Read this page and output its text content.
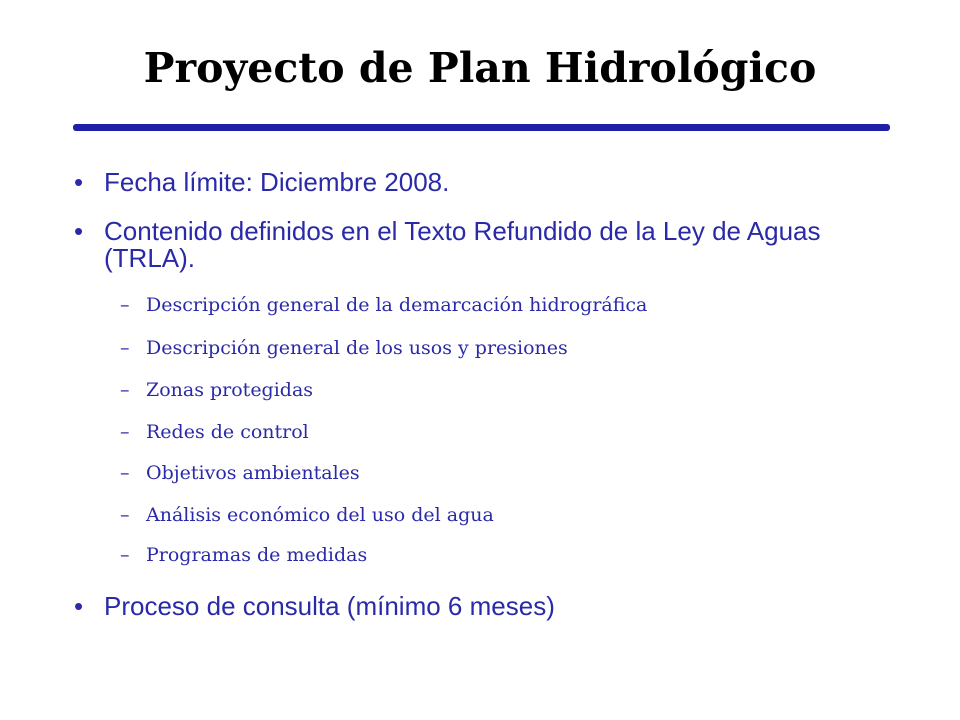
Proyecto de Plan Hidrológico
• Fecha límite: Diciembre 2008.
• Contenido definidos en el Texto Refundido de la Ley de Aguas (TRLA).
– Descripción general de la demarcación hidrográfica
– Descripción general de los usos y presiones
– Zonas protegidas
– Redes de control
– Objetivos ambientales
– Análisis económico del uso del agua
– Programas de medidas
• Proceso de consulta (mínimo 6 meses)
